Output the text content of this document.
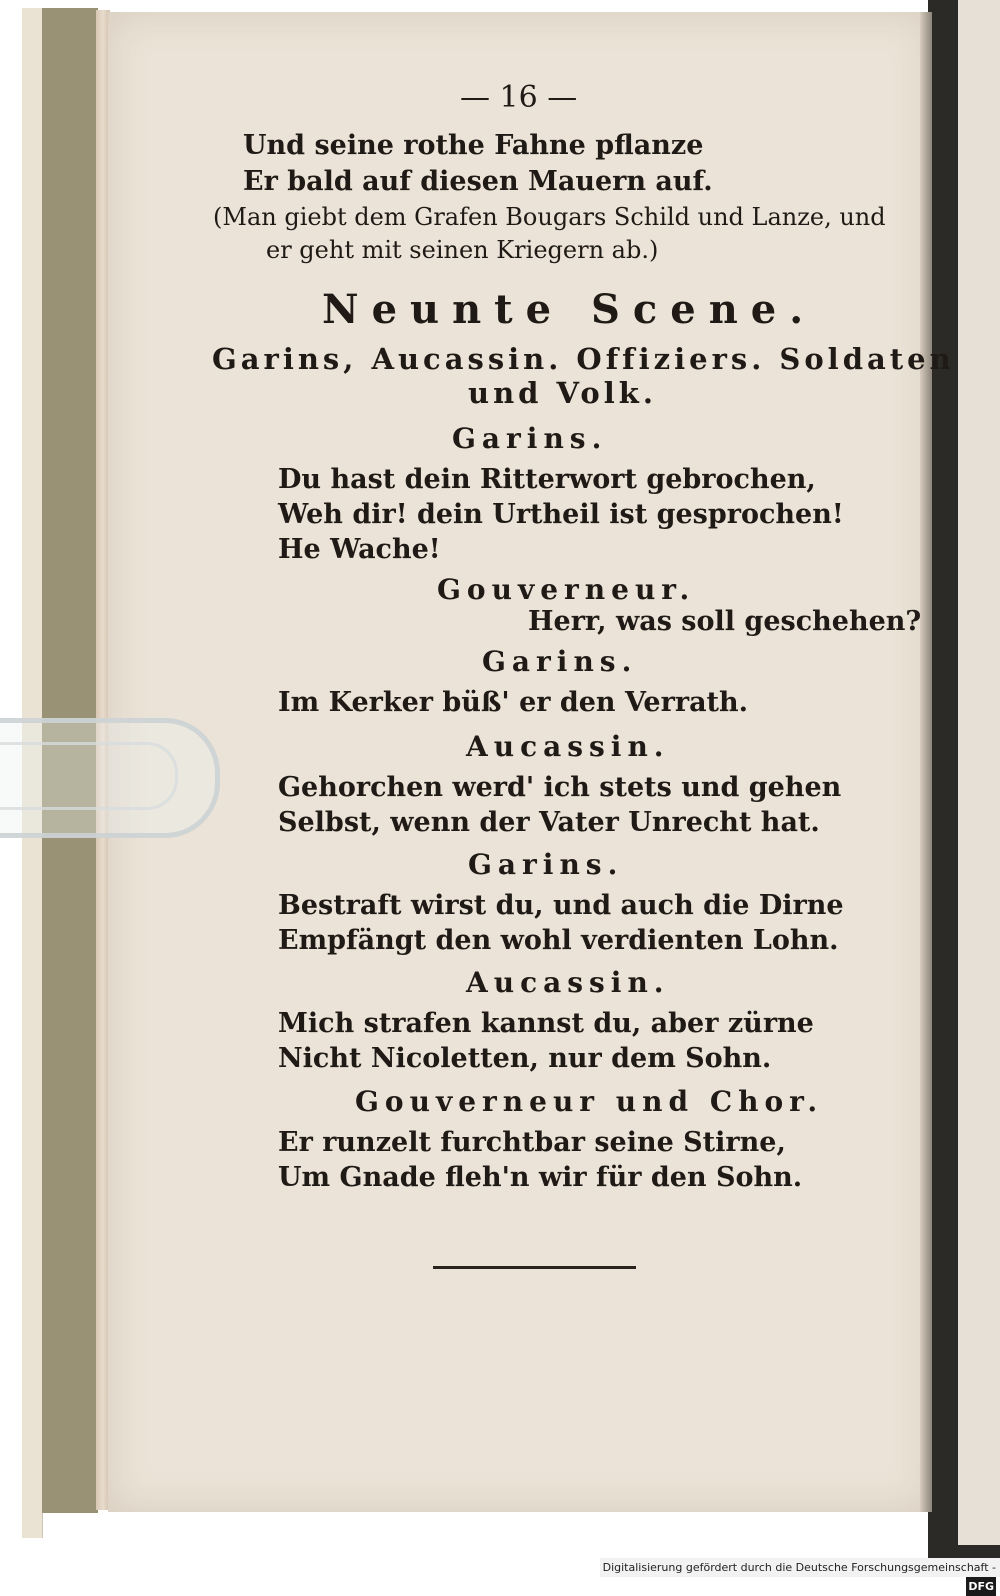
— 16 —
Und seine rothe Fahne pflanze
Er bald auf diesen Mauern auf.
(Man giebt dem Grafen Bougars Schild und Lanze, und
er geht mit seinen Kriegern ab.)
Neunte Scene.
Garins, Aucassin. Offiziers. Soldaten
und Volk.
Garins.
Du hast dein Ritterwort gebrochen,
Weh dir! dein Urtheil ist gesprochen!
He Wache!
Gouverneur.
Herr, was soll geschehen?
Garins.
Im Kerker büß' er den Verrath.
Aucassin.
Gehorchen werd' ich stets und gehen
Selbst, wenn der Vater Unrecht hat.
Garins.
Bestraft wirst du, und auch die Dirne
Empfängt den wohl verdienten Lohn.
Aucassin.
Mich strafen kannst du, aber zürne
Nicht Nicoletten, nur dem Sohn.
Gouverneur und Chor.
Er runzelt furchtbar seine Stirne,
Um Gnade fleh'n wir für den Sohn.
Digitalisierung gefördert durch die Deutsche Forschungsgemeinschaft - DFG
